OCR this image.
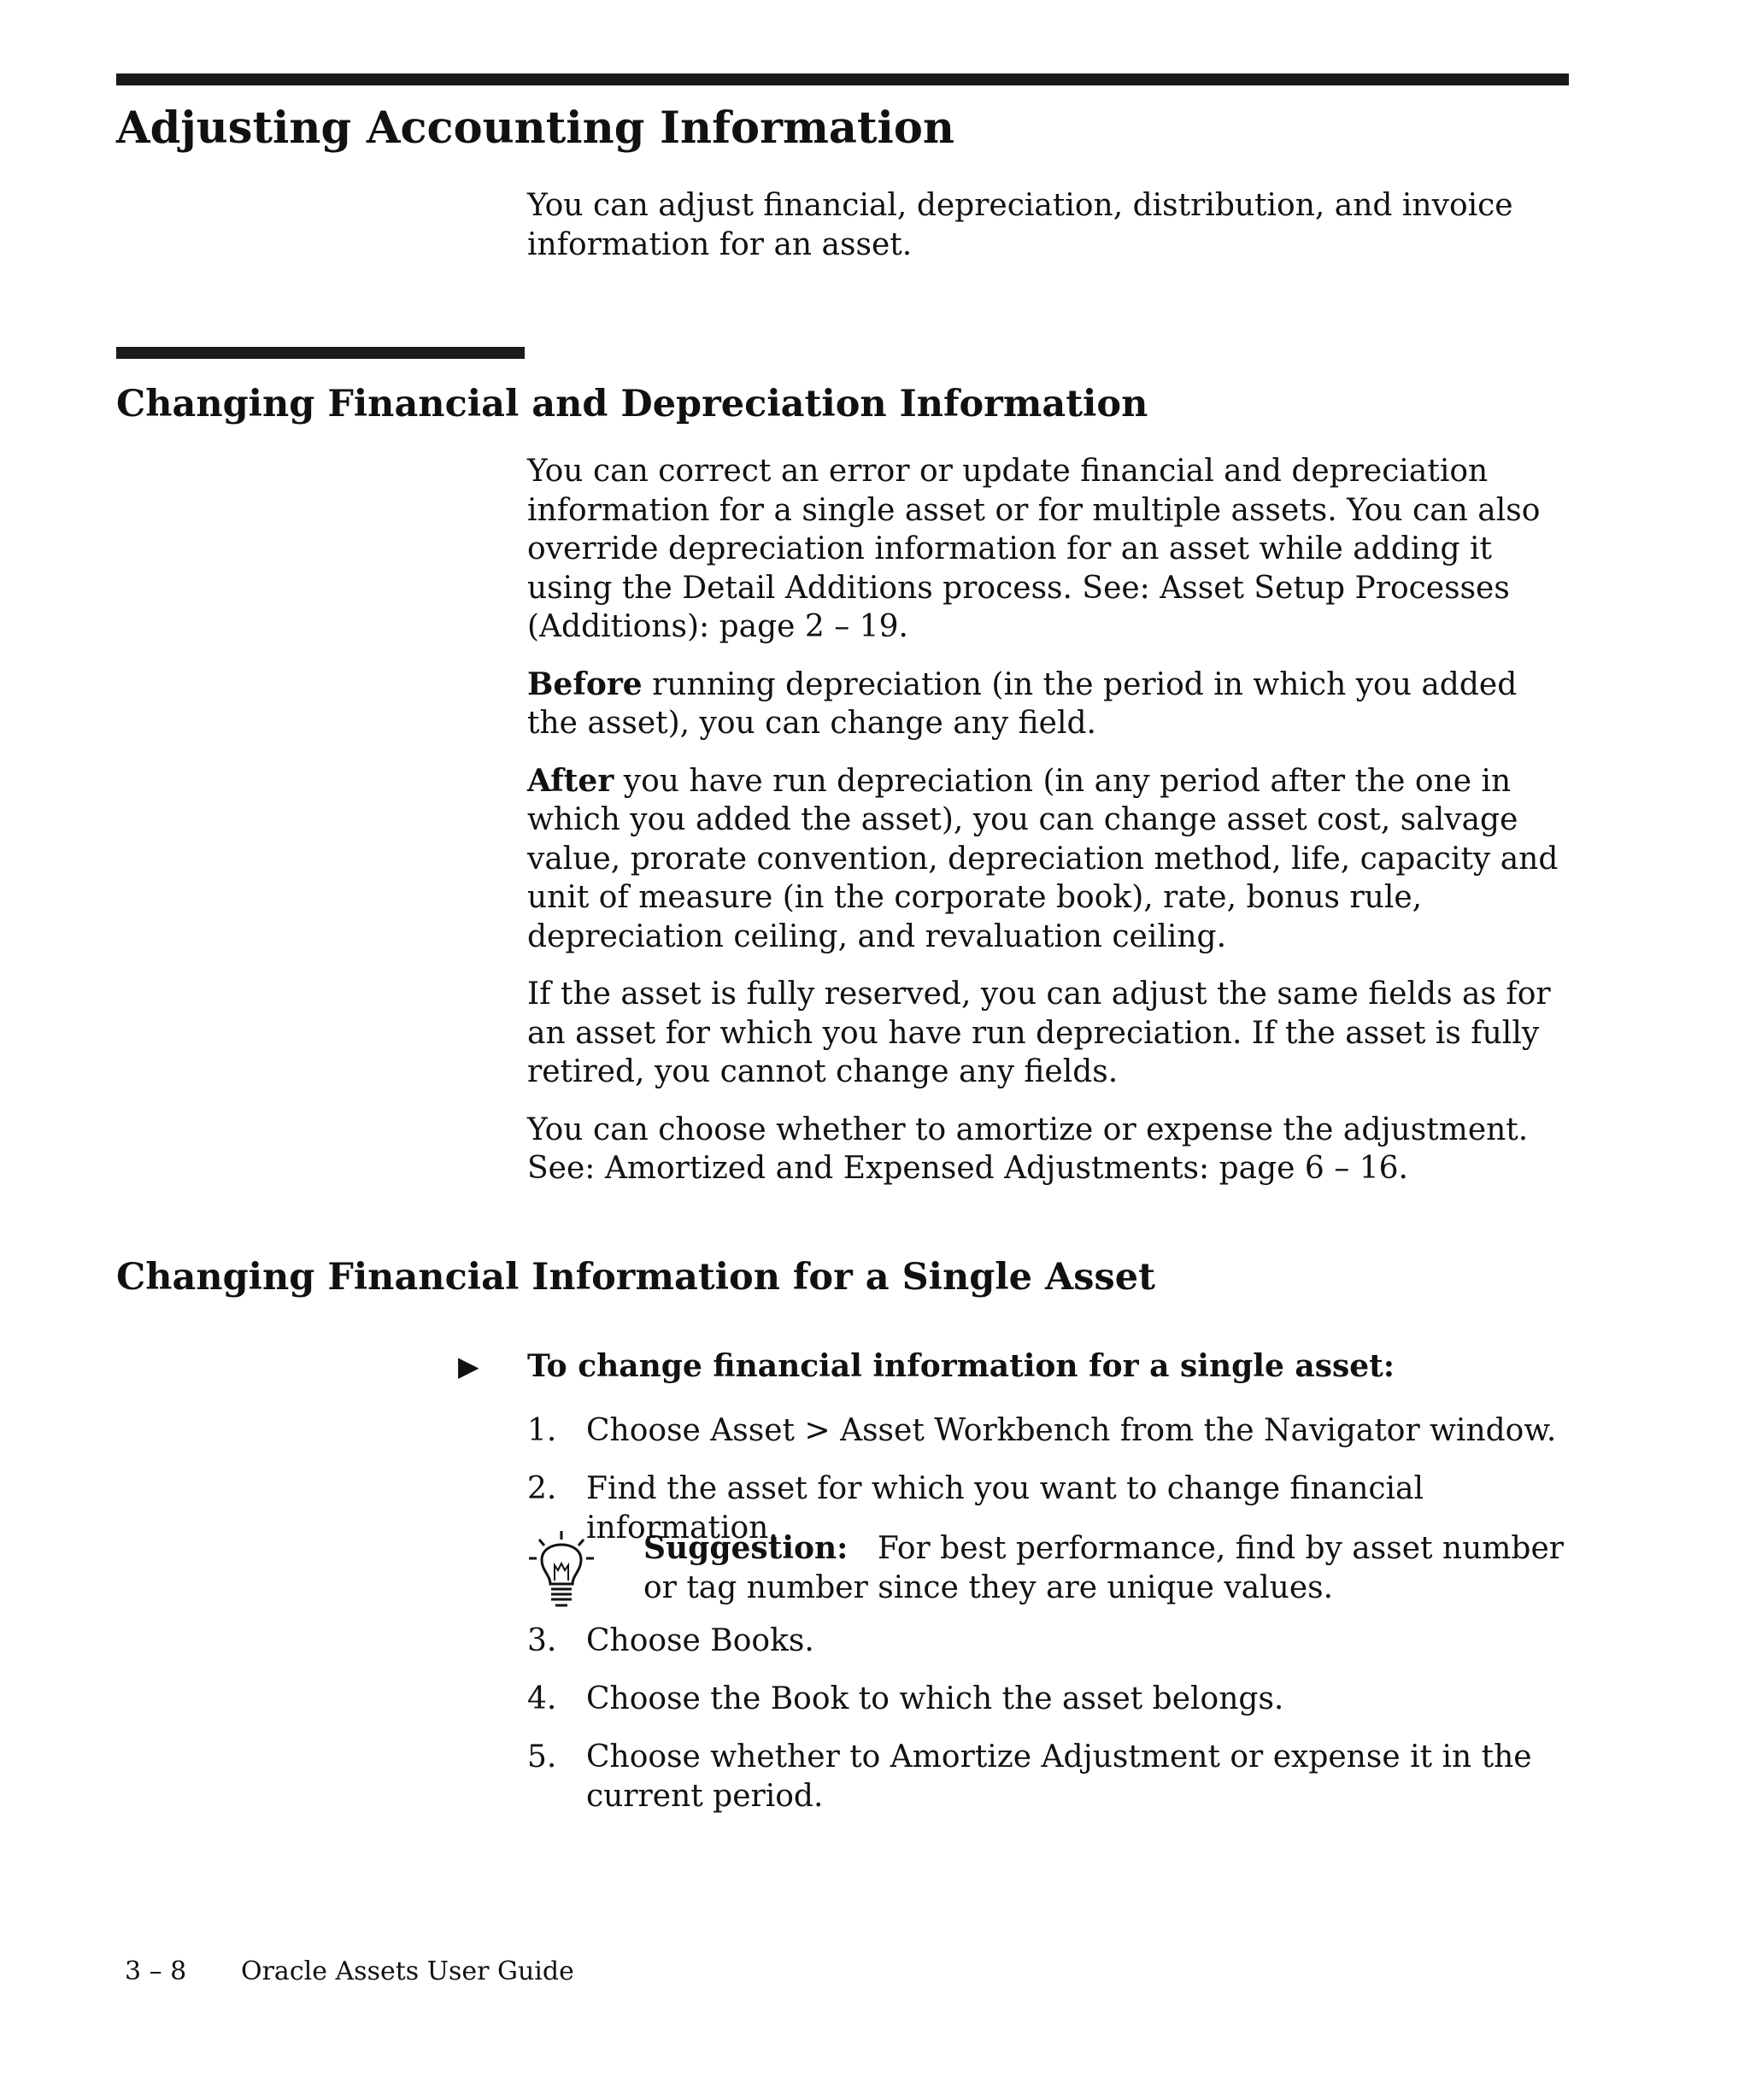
Adjusting Accounting Information

You can adjust financial, depreciation, distribution, and invoice information for an asset.

Changing Financial and Depreciation Information

You can correct an error or update financial and depreciation information for a single asset or for multiple assets. You can also override depreciation information for an asset while adding it using the Detail Additions process. See: Asset Setup Processes (Additions): page 2 – 19.

Before running depreciation (in the period in which you added the asset), you can change any field.

After you have run depreciation (in any period after the one in which you added the asset), you can change asset cost, salvage value, prorate convention, depreciation method, life, capacity and unit of measure (in the corporate book), rate, bonus rule, depreciation ceiling, and revaluation ceiling.

If the asset is fully reserved, you can adjust the same fields as for an asset for which you have run depreciation. If the asset is fully retired, you cannot change any fields.

You can choose whether to amortize or expense the adjustment. See: Amortized and Expensed Adjustments: page 6 – 16.

Changing Financial Information for a Single Asset
▶	To change financial information for a single asset:
1. Choose Asset > Asset Workbench from the Navigator window.
2. Find the asset for which you want to change financial information.
Suggestion: For best performance, find by asset number or tag number since they are unique values.
3. Choose Books.
4. Choose the Book to which the asset belongs.
5. Choose whether to Amortize Adjustment or expense it in the current period.
3 – 8 Oracle Assets User Guide
